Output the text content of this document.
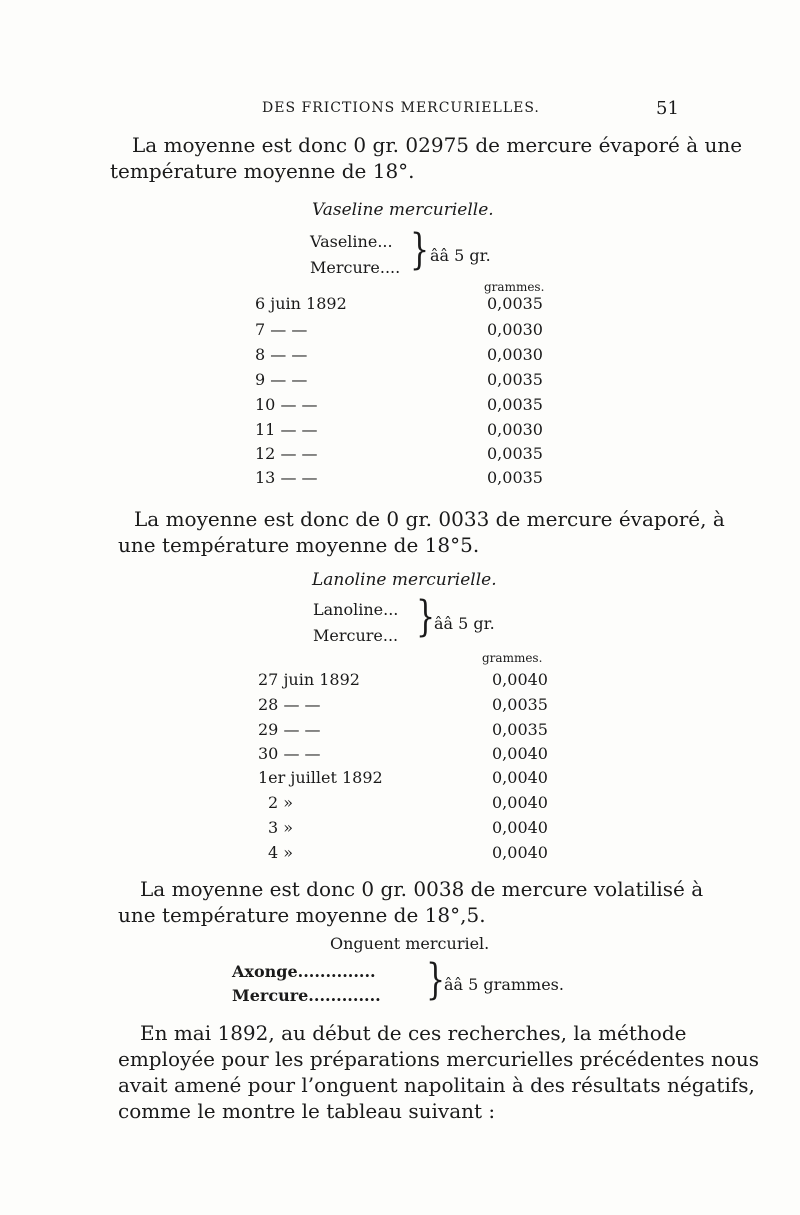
DES FRICTIONS MERCURIELLES.	51
La moyenne est donc 0 gr. 02975 de mercure évaporé à une
température moyenne de 18°.
Vaseline mercurielle.
Vaseline...
Mercure.... } ââ 5 gr.
grammes.
6 juin 1892	0,0035
7 — —	0,0030
8 — —	0,0030
9 — —	0,0035
10 — —	0,0035
11 — —	0,0030
12 — —	0,0035
13 — —	0,0035
La moyenne est donc de 0 gr. 0033 de mercure évaporé, à
une température moyenne de 18°5.
Lanoline mercurielle.
Lanoline...
Mercure... }
ââ 5 gr.
grammes.
27 juin 1892	0,0040
28 — —	0,0035
29 — —	0,0035
30 — —	0,0040
1er juillet 1892	0,0040
2 »	0,0040
3 »	0,0040
4 »	0,0040
La moyenne est donc 0 gr. 0038 de mercure volatilisé à
une température moyenne de 18°,5.
Onguent mercuriel.
Axonge..............
Mercure............. }
ââ 5 grammes.
En mai 1892, au début de ces recherches, la méthode
employée pour les préparations mercurielles précédentes nous
avait amené pour l’onguent napolitain à des résultats négatifs,
comme le montre le tableau suivant :
